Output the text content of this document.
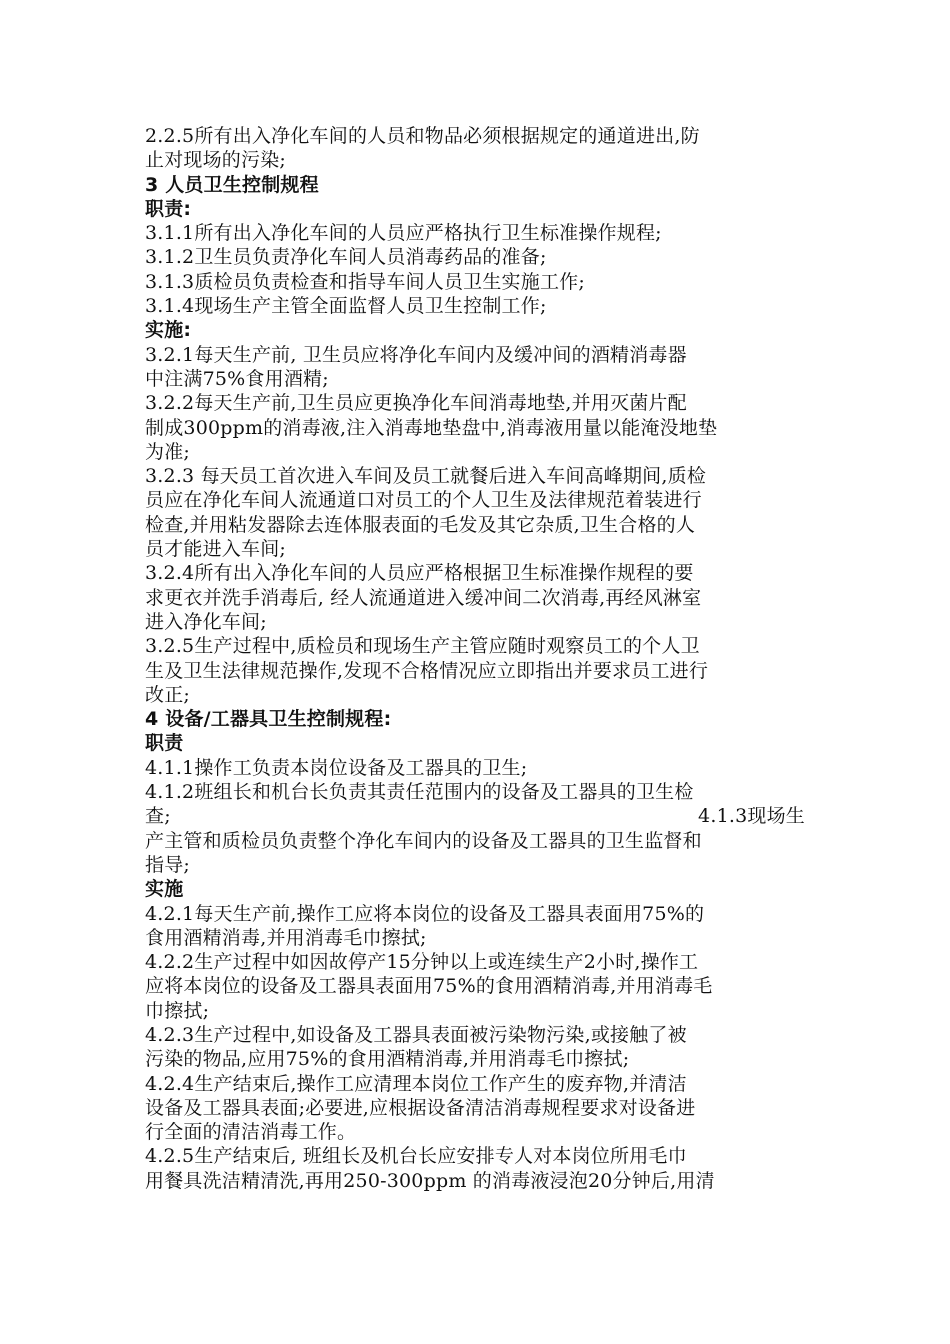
2.2.5所有出入净化车间的人员和物品必须根据规定的通道进出,防
止对现场的污染;
3 人员卫生控制规程
职责:
3.1.1所有出入净化车间的人员应严格执行卫生标准操作规程;
3.1.2卫生员负责净化车间人员消毒药品的准备;
3.1.3质检员负责检查和指导车间人员卫生实施工作;
3.1.4现场生产主管全面监督人员卫生控制工作;
实施:
3.2.1每天生产前, 卫生员应将净化车间内及缓冲间的酒精消毒器
中注满75%食用酒精;
3.2.2每天生产前,卫生员应更换净化车间消毒地垫,并用灭菌片配
制成300ppm的消毒液,注入消毒地垫盘中,消毒液用量以能淹没地垫
为准;
3.2.3 每天员工首次进入车间及员工就餐后进入车间高峰期间,质检
员应在净化车间人流通道口对员工的个人卫生及法律规范着装进行
检查,并用粘发器除去连体服表面的毛发及其它杂质,卫生合格的人
员才能进入车间;
3.2.4所有出入净化车间的人员应严格根据卫生标准操作规程的要
求更衣并洗手消毒后, 经人流通道进入缓冲间二次消毒,再经风淋室
进入净化车间;
3.2.5生产过程中,质检员和现场生产主管应随时观察员工的个人卫
生及卫生法律规范操作,发现不合格情况应立即指出并要求员工进行
改正;
4 设备/工器具卫生控制规程:
职责
4.1.1操作工负责本岗位设备及工器具的卫生;
4.1.2班组长和机台长负责其责任范围内的设备及工器具的卫生检
查;	4.1.3现场生
产主管和质检员负责整个净化车间内的设备及工器具的卫生监督和
指导;
实施
4.2.1每天生产前,操作工应将本岗位的设备及工器具表面用75%的
食用酒精消毒,并用消毒毛巾擦拭;
4.2.2生产过程中如因故停产15分钟以上或连续生产2小时,操作工
应将本岗位的设备及工器具表面用75%的食用酒精消毒,并用消毒毛
巾擦拭;
4.2.3生产过程中,如设备及工器具表面被污染物污染,或接触了被
污染的物品,应用75%的食用酒精消毒,并用消毒毛巾擦拭;
4.2.4生产结束后,操作工应清理本岗位工作产生的废弃物,并清洁
设备及工器具表面;必要进,应根据设备清洁消毒规程要求对设备进
行全面的清洁消毒工作。
4.2.5生产结束后, 班组长及机台长应安排专人对本岗位所用毛巾
用餐具洗洁精清洗,再用250-300ppm 的消毒液浸泡20分钟后,用清
